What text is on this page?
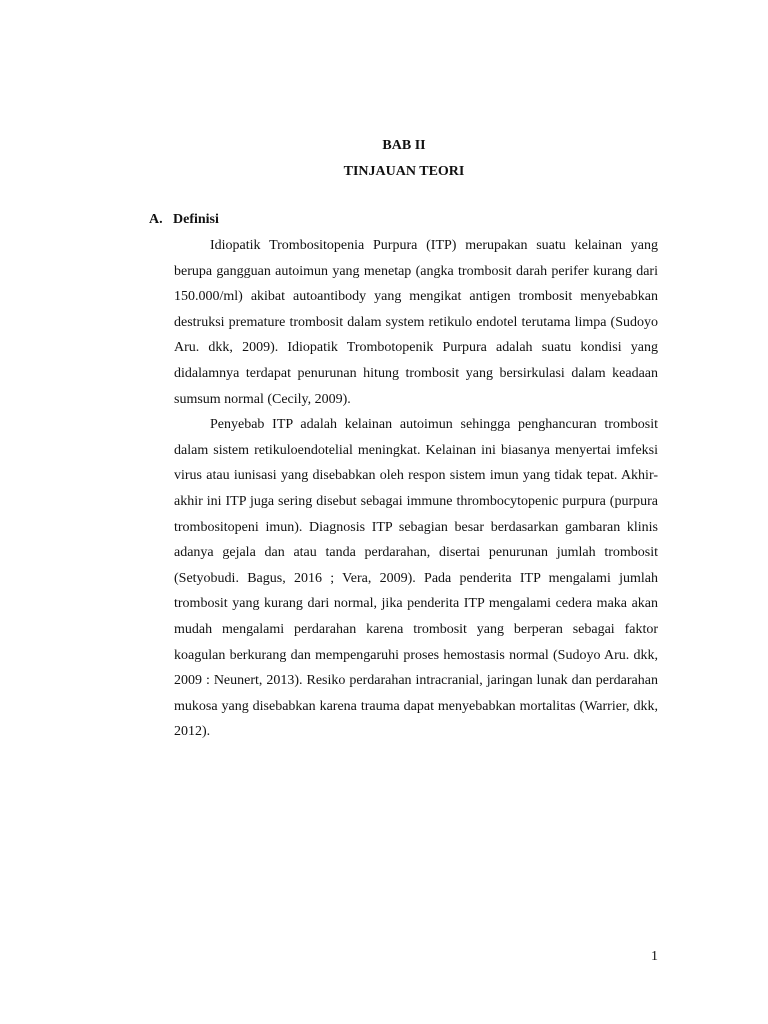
BAB II
TINJAUAN TEORI
A. Definisi

Idiopatik Trombositopenia Purpura (ITP) merupakan suatu kelainan yang berupa gangguan autoimun yang menetap (angka trombosit darah perifer kurang dari 150.000/ml) akibat autoantibody yang mengikat antigen trombosit menyebabkan destruksi premature trombosit dalam system retikulo endotel terutama limpa (Sudoyo Aru. dkk, 2009). Idiopatik Trombotopenik Purpura adalah suatu kondisi yang didalamnya terdapat penurunan hitung trombosit yang bersirkulasi dalam keadaan sumsum normal (Cecily, 2009).

Penyebab ITP adalah kelainan autoimun sehingga penghancuran trombosit dalam sistem retikuloendotelial meningkat. Kelainan ini biasanya menyertai imfeksi virus atau iunisasi yang disebabkan oleh respon sistem imun yang tidak tepat. Akhir-akhir ini ITP juga sering disebut sebagai immune thrombocytopenic purpura (purpura trombositopeni imun). Diagnosis ITP sebagian besar berdasarkan gambaran klinis adanya gejala dan atau tanda perdarahan, disertai penurunan jumlah trombosit (Setyobudi. Bagus, 2016 ; Vera, 2009). Pada penderita ITP mengalami jumlah trombosit yang kurang dari normal, jika penderita ITP mengalami cedera maka akan mudah mengalami perdarahan karena trombosit yang berperan sebagai faktor koagulan berkurang dan mempengaruhi proses hemostasis normal (Sudoyo Aru. dkk, 2009 : Neunert, 2013). Resiko perdarahan intracranial, jaringan lunak dan perdarahan mukosa yang disebabkan karena trauma dapat menyebabkan mortalitas (Warrier, dkk, 2012).

1
